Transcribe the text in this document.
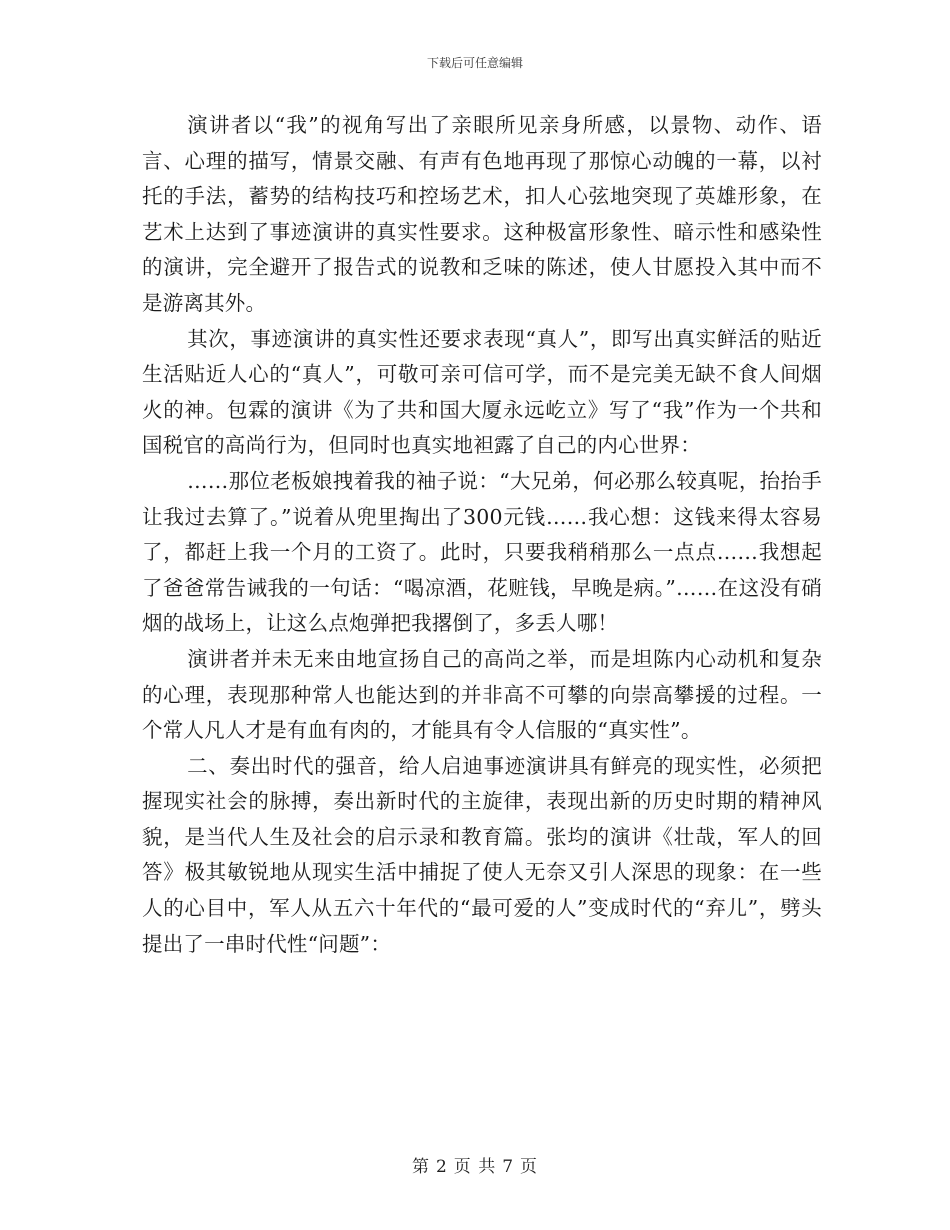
下载后可任意编辑

演讲者以“我”的视角写出了亲眼所见亲身所感，以景物、动作、语言、心理的描写，情景交融、有声有色地再现了那惊心动魄的一幕，以衬托的手法，蓄势的结构技巧和控场艺术，扣人心弦地突现了英雄形象，在艺术上达到了事迹演讲的真实性要求。这种极富形象性、暗示性和感染性的演讲，完全避开了报告式的说教和乏味的陈述，使人甘愿投入其中而不是游离其外。

其次，事迹演讲的真实性还要求表现“真人”，即写出真实鲜活的贴近生活贴近人心的“真人”，可敬可亲可信可学，而不是完美无缺不食人间烟火的神。包霖的演讲《为了共和国大厦永远屹立》写了“我”作为一个共和国税官的高尚行为，但同时也真实地袒露了自己的内心世界：

……那位老板娘拽着我的袖子说：“大兄弟，何必那么较真呢，抬抬手让我过去算了。”说着从兜里掏出了300元钱……我心想：这钱来得太容易了，都赶上我一个月的工资了。此时，只要我稍稍那么一点点……我想起了爸爸常告诫我的一句话：“喝凉酒，花赃钱，早晚是病。”……在这没有硝烟的战场上，让这么点炮弹把我撂倒了，多丢人哪！

演讲者并未无来由地宣扬自己的高尚之举，而是坦陈内心动机和复杂的心理，表现那种常人也能达到的并非高不可攀的向崇高攀援的过程。一个常人凡人才是有血有肉的，才能具有令人信服的“真实性”。

二、奏出时代的强音，给人启迪事迹演讲具有鲜亮的现实性，必须把握现实社会的脉搏，奏出新时代的主旋律，表现出新的历史时期的精神风貌，是当代人生及社会的启示录和教育篇。张均的演讲《壮哉，军人的回答》极其敏锐地从现实生活中捕捉了使人无奈又引人深思的现象：在一些人的心目中，军人从五六十年代的“最可爱的人”变成时代的“弃儿”，劈头提出了一串时代性“问题”：

第 2 页 共 7 页
